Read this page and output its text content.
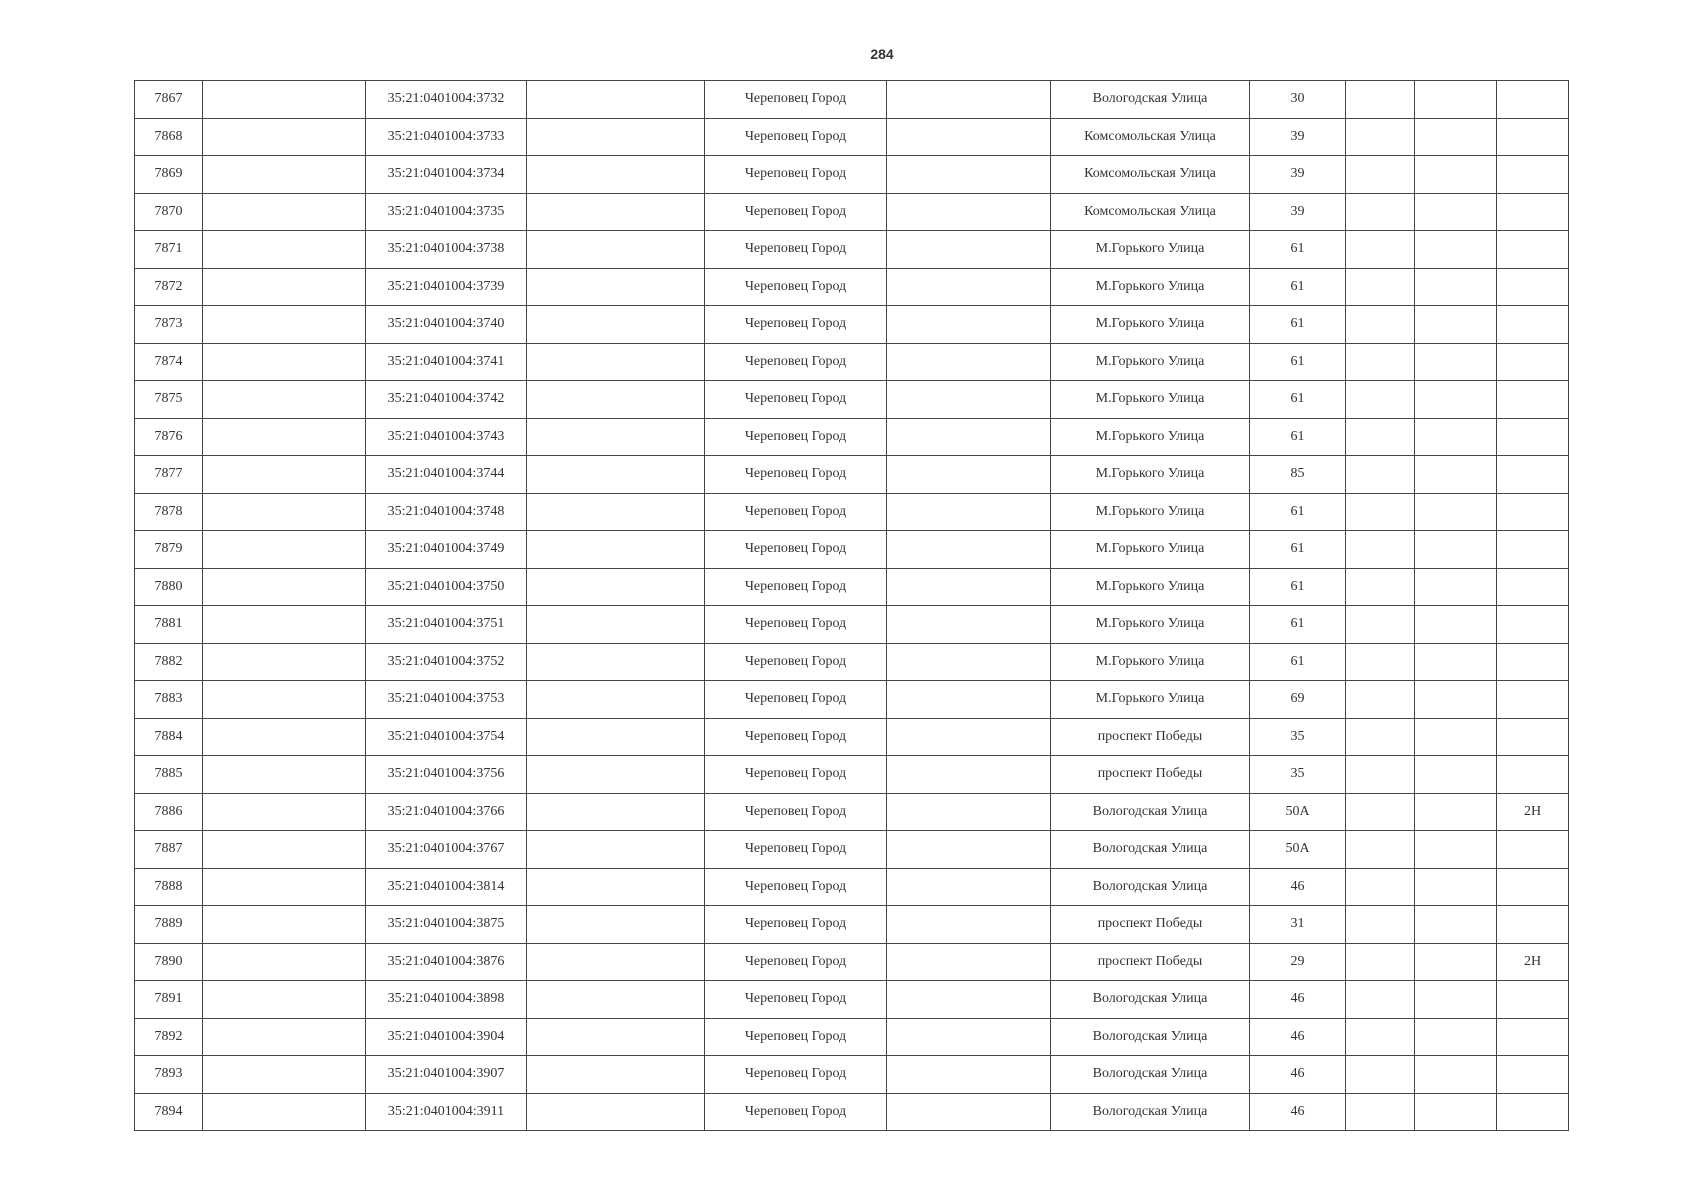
284
7867		35:21:0401004:3732		Череповец Город		Вологодская Улица	30			
7868		35:21:0401004:3733		Череповец Город		Комсомольская Улица	39			
7869		35:21:0401004:3734		Череповец Город		Комсомольская Улица	39			
7870		35:21:0401004:3735		Череповец Город		Комсомольская Улица	39			
7871		35:21:0401004:3738		Череповец Город		М.Горького Улица	61			
7872		35:21:0401004:3739		Череповец Город		М.Горького Улица	61			
7873		35:21:0401004:3740		Череповец Город		М.Горького Улица	61			
7874		35:21:0401004:3741		Череповец Город		М.Горького Улица	61			
7875		35:21:0401004:3742		Череповец Город		М.Горького Улица	61			
7876		35:21:0401004:3743		Череповец Город		М.Горького Улица	61			
7877		35:21:0401004:3744		Череповец Город		М.Горького Улица	85			
7878		35:21:0401004:3748		Череповец Город		М.Горького Улица	61			
7879		35:21:0401004:3749		Череповец Город		М.Горького Улица	61			
7880		35:21:0401004:3750		Череповец Город		М.Горького Улица	61			
7881		35:21:0401004:3751		Череповец Город		М.Горького Улица	61			
7882		35:21:0401004:3752		Череповец Город		М.Горького Улица	61			
7883		35:21:0401004:3753		Череповец Город		М.Горького Улица	69			
7884		35:21:0401004:3754		Череповец Город		проспект Победы	35			
7885		35:21:0401004:3756		Череповец Город		проспект Победы	35			
7886		35:21:0401004:3766		Череповец Город		Вологодская Улица	50А			2Н
7887		35:21:0401004:3767		Череповец Город		Вологодская Улица	50А			
7888		35:21:0401004:3814		Череповец Город		Вологодская Улица	46			
7889		35:21:0401004:3875		Череповец Город		проспект Победы	31			
7890		35:21:0401004:3876		Череповец Город		проспект Победы	29			2Н
7891		35:21:0401004:3898		Череповец Город		Вологодская Улица	46			
7892		35:21:0401004:3904		Череповец Город		Вологодская Улица	46			
7893		35:21:0401004:3907		Череповец Город		Вологодская Улица	46			
7894		35:21:0401004:3911		Череповец Город		Вологодская Улица	46			
